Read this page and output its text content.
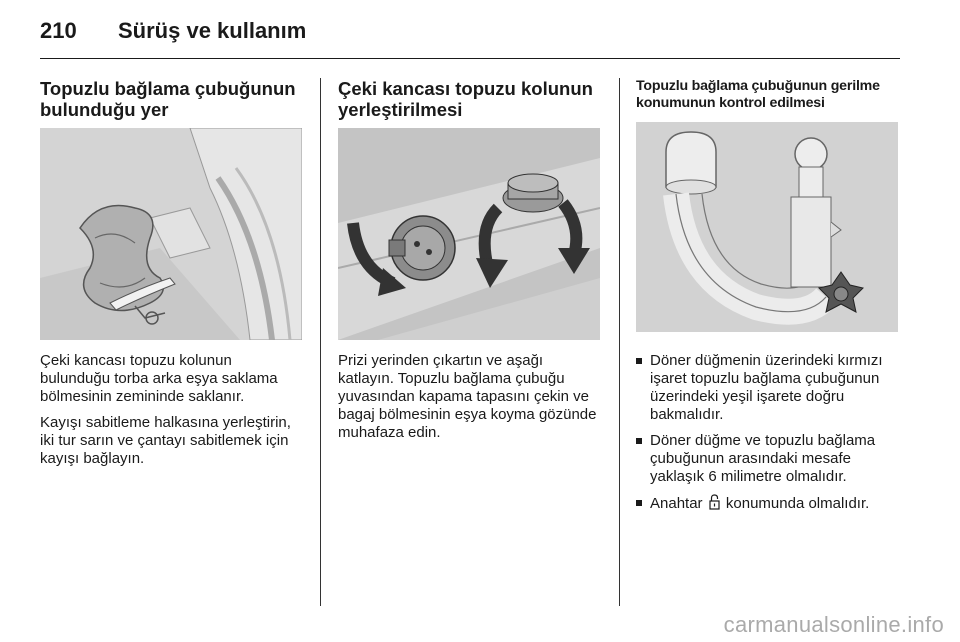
210 Sürüş ve kullanım
Topuzlu bağlama çubuğunun bulunduğu yer

Çeki kancası topuzu kolunun bulunduğu torba arka eşya saklama bölmesinin zemininde saklanır.

Kayışı sabitleme halkasına yerleştirin, iki tur sarın ve çantayı sabitlemek için kayışı bağlayın.

Çeki kancası topuzu kolunun yerleştirilmesi

Prizi yerinden çıkartın ve aşağı katlayın. Topuzlu bağlama çubuğu yuvasından kapama tapasını çekin ve bagaj bölmesinin eşya koyma gözünde muhafaza edin.

Topuzlu bağlama çubuğunun gerilme konumunun kontrol edilmesi
Döner düğmenin üzerindeki kırmızı işaret topuzlu bağlama çubuğunun üzerindeki yeşil işarete doğru bakmalıdır.
Döner düğme ve topuzlu bağlama çubuğunun arasındaki mesafe yaklaşık 6 milimetre olmalıdır.
Anahtar konumunda olmalıdır.
carmanualsonline.info
